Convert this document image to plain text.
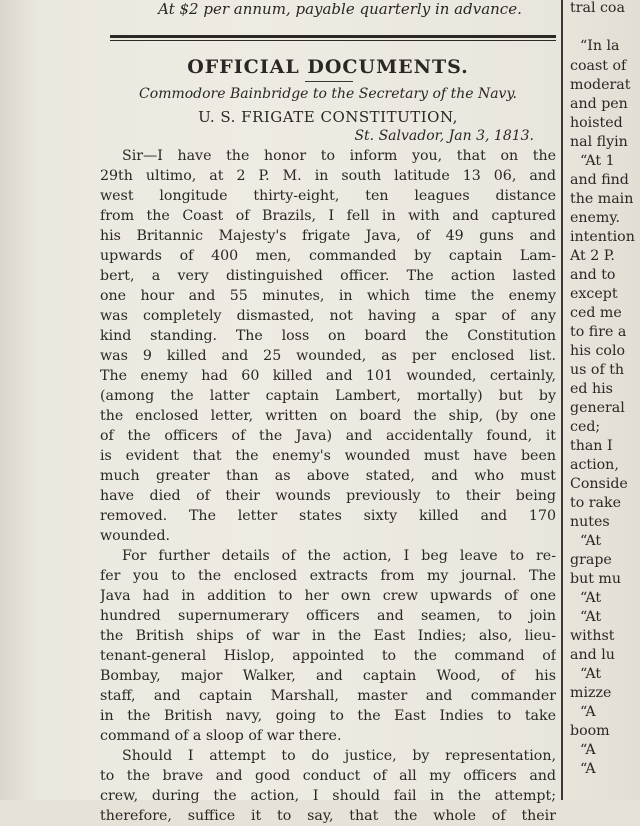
At $2 per annum, payable quarterly in advance.
OFFICIAL DOCUMENTS.
Commodore Bainbridge to the Secretary of the Navy.
U. S. FRIGATE CONSTITUTION,
St. Salvador, Jan 3, 1813.
Sir—I have the honor to inform you, that on the
29th ultimo, at 2 P. M. in south latitude 13 06, and
west longitude thirty-eight, ten leagues distance
from the Coast of Brazils, I fell in with and captured
his Britannic Majesty's frigate Java, of 49 guns and
upwards of 400 men, commanded by captain Lam-
bert, a very distinguished officer. The action lasted
one hour and 55 minutes, in which time the enemy
was completely dismasted, not having a spar of any
kind standing. The loss on board the Constitution
was 9 killed and 25 wounded, as per enclosed list.
The enemy had 60 killed and 101 wounded, certainly,
(among the latter captain Lambert, mortally) but by
the enclosed letter, written on board the ship, (by one
of the officers of the Java) and accidentally found, it
is evident that the enemy's wounded must have been
much greater than as above stated, and who must
have died of their wounds previously to their being
removed. The letter states sixty killed and 170
wounded.
For further details of the action, I beg leave to re-
fer you to the enclosed extracts from my journal. The
Java had in addition to her own crew upwards of one
hundred supernumerary officers and seamen, to join
the British ships of war in the East Indies; also, lieu-
tenant-general Hislop, appointed to the command of
Bombay, major Walker, and captain Wood, of his
staff, and captain Marshall, master and commander
in the British navy, going to the East Indies to take
command of a sloop of war there.
Should I attempt to do justice, by representation,
to the brave and good conduct of all my officers and
crew, during the action, I should fail in the attempt;
therefore, suffice it to say, that the whole of their
tral coa
“In la
coast of
moderat
and pen
hoisted
nal flyin
“At 1
and find
the main
enemy.
intention
At 2 P.
and to
except
ced me
to fire a
his colo
us of th
ed his
general
ced;
than I
action,
Conside
to rake
nutes
“At
grape
but mu
“At
“At
withst
and lu
“At
mizze
“A
boom
“A
“A
